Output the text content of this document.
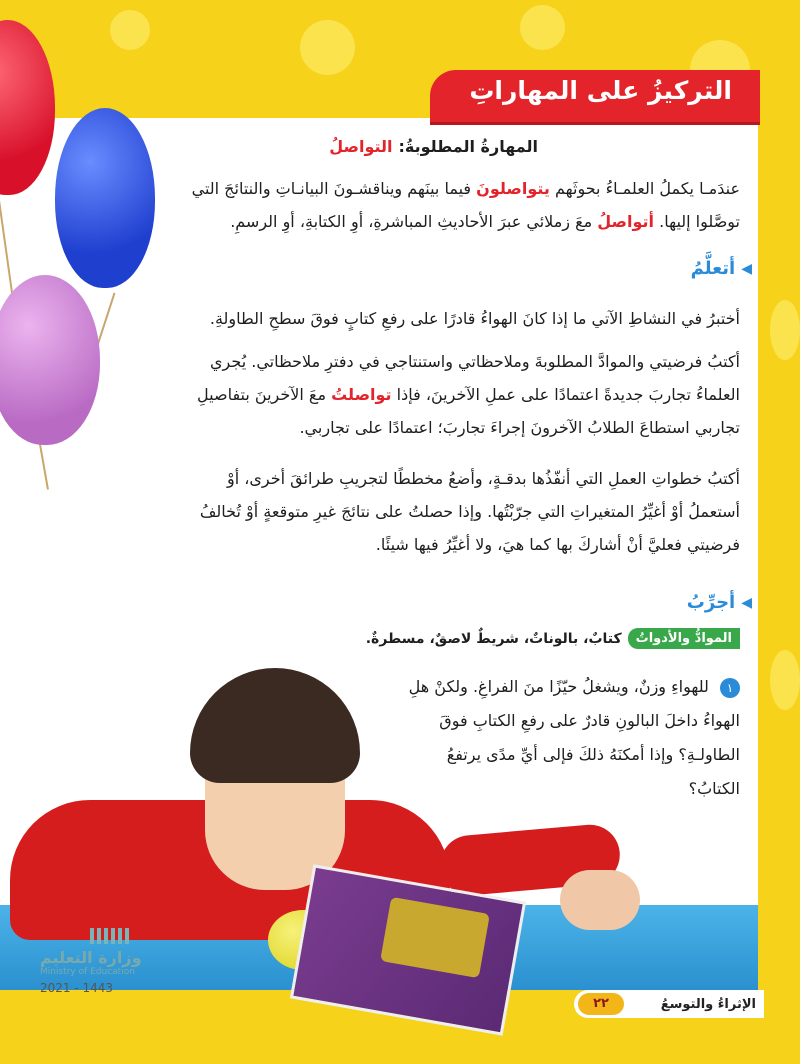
التركيزُ على المهاراتِ
المهارةُ المطلوبةُ:
التواصلُ
عندَمـا يكملُ العلمـاءُ بحوثَهم يتواصلونَ فيما بينَهم ويناقشـونَ البيانـاتِ والنتائجَ التي
توصَّلوا إليها. أتواصلُ معَ زملائي عبرَ الأحاديثِ المباشرةِ، أوِ الكتابةِ، أوِ الرسمِ.
◀
أتعلَّمُ
أختبرُ في النشاطِ الآتي ما إذا كانَ الهواءُ قادرًا على رفعِ كتابٍ فوقَ سطحِ الطاولةِ.
أكتبُ فرضيتي والموادَّ المطلوبةَ وملاحظاتي واستنتاجي في دفترِ ملاحظاتي. يُجري
العلماءُ تجاربَ جديدةً اعتمادًا على عملِ الآخرينَ، فإذا تواصلتُ معَ الآخرينَ بتفاصيلِ
تجاربي استطاعَ الطلابُ الآخرونَ إجراءَ تجاربَ؛ اعتمادًا على تجاربي.
أكتبُ خطواتِ العملِ التي أنفّذُها بدقـةٍ، وأضعُ مخططًا لتجريبِ طرائقَ أخرى، أوْ
أستعملُ أوْ أغيِّرُ المتغيراتِ التي جرّبْتُها. وإذا حصلتُ على نتائجَ غيرِ متوقعةٍ أوْ تُخالفُ
فرضيتي فعليَّ أنْ أشاركَ بها كما هيَ، ولا أغيِّرُ فيها شيئًا.
◀
أجرِّبُ
الموادُّ والأدواتُ
كتابٌ، بالوناتٌ، شريطٌ لاصقٌ، مسطرةٌ.
١ للهواءِ وزنٌ، ويشغلُ حيّزًا منَ الفراغِ. ولكنْ هلِ
الهواءُ داخلَ البالونِ قادرٌ على رفعِ الكتابِ فوقَ
الطاولـةِ؟ وإذا أمكنَهُ ذلكَ فإلى أيِّ مدًى يرتفعُ
الكتابُ؟
وزارة التعليم
Ministry of Education
2021 - 1443
الإثراءُ والتوسعُ
٢٢
